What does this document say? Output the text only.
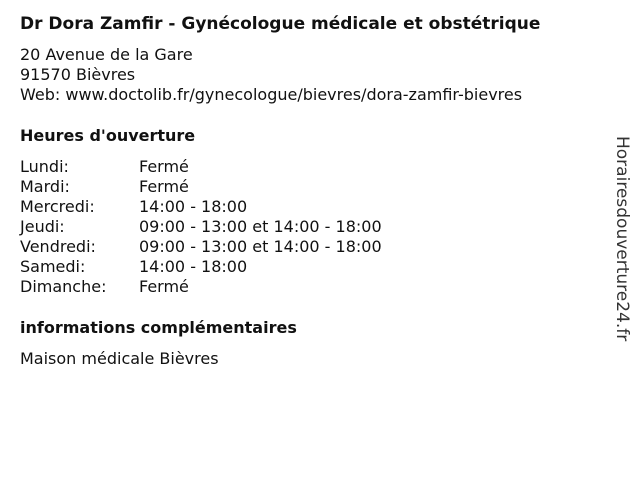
Dr Dora Zamfir - Gynécologue médicale et obstétrique
20 Avenue de la Gare
91570 Bièvres
Web: www.doctolib.fr/gynecologue/bievres/dora-zamfir-bievres
Heures d'ouverture
Lundi:	Fermé
Mardi:	Fermé
Mercredi:	14:00 - 18:00
Jeudi:	09:00 - 13:00 et 14:00 - 18:00
Vendredi:	09:00 - 13:00 et 14:00 - 18:00
Samedi:	14:00 - 18:00
Dimanche:	Fermé
informations complémentaires
Maison médicale Bièvres
Horairesdouverture24.fr
